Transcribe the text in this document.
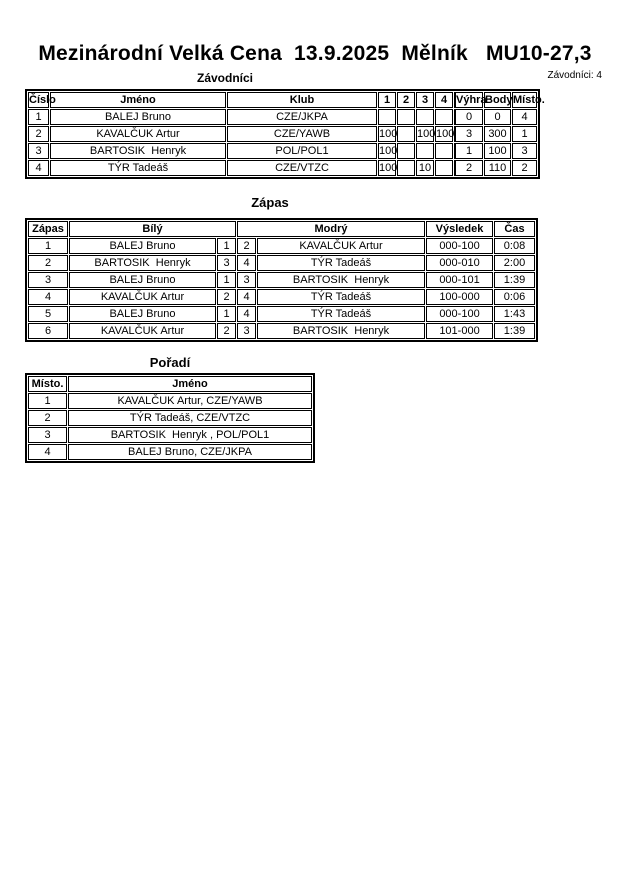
Mezinárodní Velká Cena  13.9.2025  Mělník   MU10-27,3
Závodníci	Závodníci: 4
Číslo	Jméno	Klub	1	2	3	4	Výhra	Body	Místo.
1	BALEJ Bruno	CZE/JKPA					0	0	4
2	KAVALČUK Artur	CZE/YAWB	100		100	100	3	300	1
3	BARTOSIK  Henryk	POL/POL1	100				1	100	3
4	TÝR Tadeáš	CZE/VTZC	100		10		2	110	2
Zápas
Zápas	Bílý		Modrý		Výsledek	Čas
1	BALEJ Bruno	1	2	KAVALČUK Artur	000-100	0:08
2	BARTOSIK  Henryk	3	4	TÝR Tadeáš	000-010	2:00
3	BALEJ Bruno	1	3	BARTOSIK  Henryk	000-101	1:39
4	KAVALČUK Artur	2	4	TÝR Tadeáš	100-000	0:06
5	BALEJ Bruno	1	4	TÝR Tadeáš	000-100	1:43
6	KAVALČUK Artur	2	3	BARTOSIK  Henryk	101-000	1:39
Pořadí
Místo.	Jméno
1	KAVALČUK Artur, CZE/YAWB
2	TÝR Tadeáš, CZE/VTZC
3	BARTOSIK  Henryk , POL/POL1
4	BALEJ Bruno, CZE/JKPA
